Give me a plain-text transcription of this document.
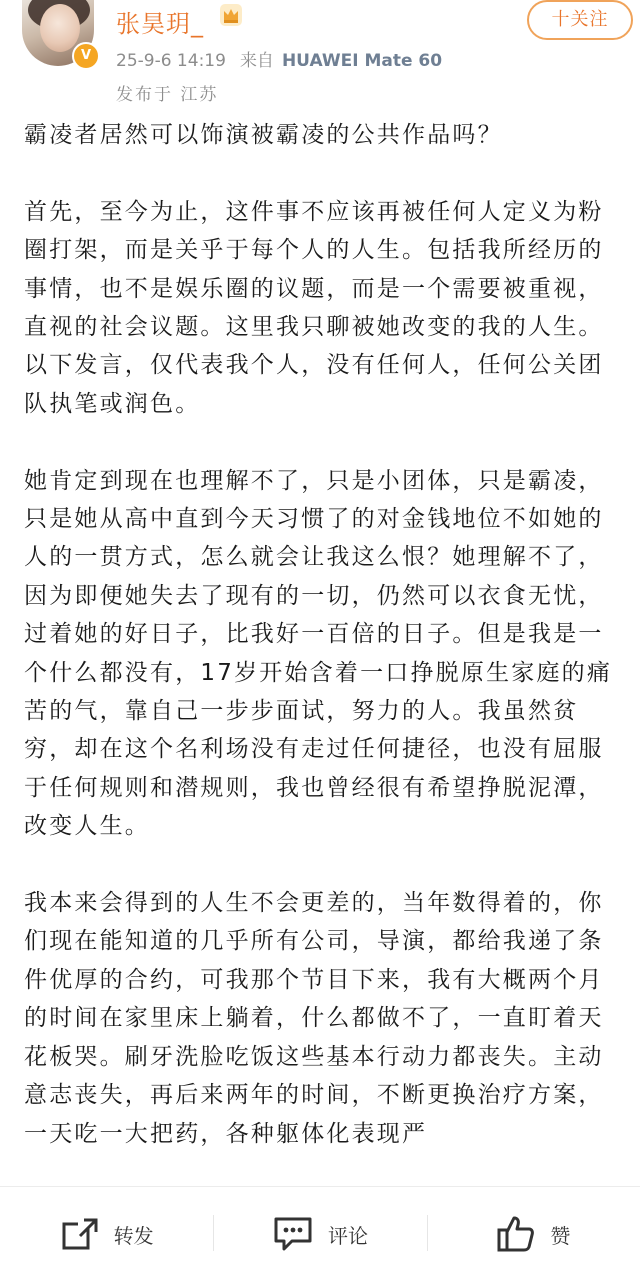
V
张昊玥_
25-9-6 14:19 来自 HUAWEI Mate 60
发布于 江苏
十关注

霸凌者居然可以饰演被霸凌的公共作品吗？

首先，至今为止，这件事不应该再被任何人定义为粉圈打架，而是关乎于每个人的人生。包括我所经历的事情，也不是娱乐圈的议题，而是一个需要被重视，直视的社会议题。这里我只聊被她改变的我的人生。以下发言，仅代表我个人，没有任何人，任何公关团队执笔或润色。

她肯定到现在也理解不了，只是小团体，只是霸凌，只是她从高中直到今天习惯了的对金钱地位不如她的人的一贯方式，怎么就会让我这么恨？她理解不了，因为即便她失去了现有的一切，仍然可以衣食无忧，过着她的好日子，比我好一百倍的日子。但是我是一个什么都没有，17岁开始含着一口挣脱原生家庭的痛苦的气，靠自己一步步面试，努力的人。我虽然贫穷，却在这个名利场没有走过任何捷径，也没有屈服于任何规则和潜规则，我也曾经很有希望挣脱泥潭，改变人生。

我本来会得到的人生不会更差的，当年数得着的，你们现在能知道的几乎所有公司，导演，都给我递了条件优厚的合约，可我那个节目下来，我有大概两个月的时间在家里床上躺着，什么都做不了，一直盯着天花板哭。刷牙洗脸吃饭这些基本行动力都丧失。主动意志丧失，再后来两年的时间，不断更换治疗方案，一天吃一大把药，各种躯体化表现严

转发	评论	赞
